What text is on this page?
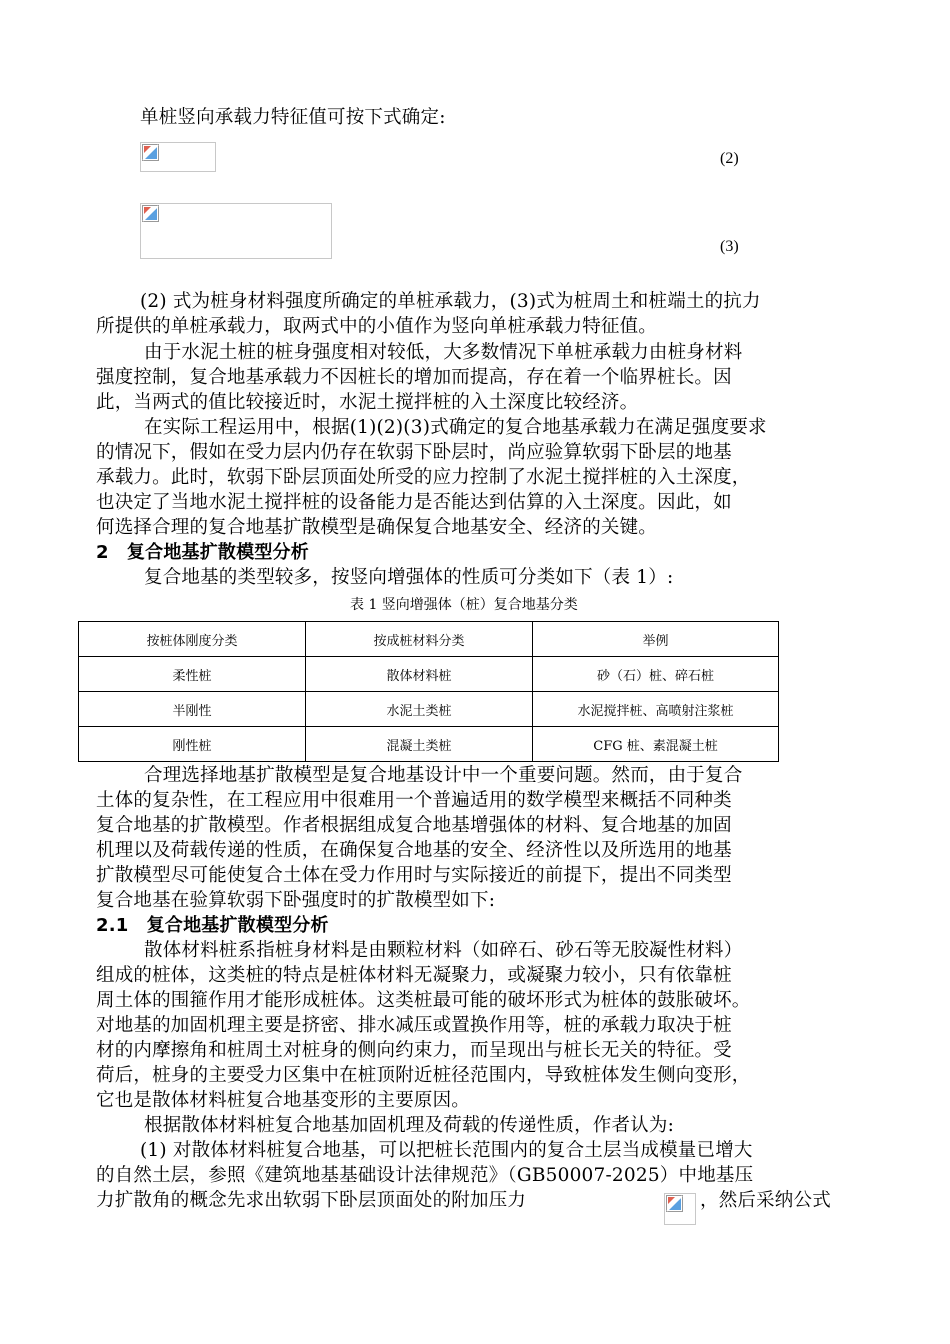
单桩竖向承载力特征值可按下式确定:
(2)
(3)
(2) 式为桩身材料强度所确定的单桩承载力，(3)式为桩周土和桩端土的抗力
所提供的单桩承载力，取两式中的小值作为竖向单桩承载力特征值。
由于水泥土桩的桩身强度相对较低，大多数情况下单桩承载力由桩身材料
强度控制，复合地基承载力不因桩长的增加而提高，存在着一个临界桩长。因
此，当两式的值比较接近时，水泥土搅拌桩的入土深度比较经济。
在实际工程运用中，根据(1)(2)(3)式确定的复合地基承载力在满足强度要求
的情况下，假如在受力层内仍存在软弱下卧层时，尚应验算软弱下卧层的地基
承载力。此时，软弱下卧层顶面处所受的应力控制了水泥土搅拌桩的入土深度，
也决定了当地水泥土搅拌桩的设备能力是否能达到估算的入土深度。因此，如
何选择合理的复合地基扩散模型是确保复合地基安全、经济的关键。
2　复合地基扩散模型分析
复合地基的类型较多，按竖向增强体的性质可分类如下（表 1）:
表 1 竖向增强体（桩）复合地基分类
按桩体刚度分类	按成桩材料分类	举例
柔性桩	散体材料桩	砂（石）桩、碎石桩
半刚性	水泥土类桩	水泥搅拌桩、高喷射注浆桩
刚性桩	混凝土类桩	CFG 桩、素混凝土桩
合理选择地基扩散模型是复合地基设计中一个重要问题。然而，由于复合
土体的复杂性，在工程应用中很难用一个普遍适用的数学模型来概括不同种类
复合地基的扩散模型。作者根据组成复合地基增强体的材料、复合地基的加固
机理以及荷载传递的性质，在确保复合地基的安全、经济性以及所选用的地基
扩散模型尽可能使复合土体在受力作用时与实际接近的前提下，提出不同类型
复合地基在验算软弱下卧强度时的扩散模型如下:
2.1　复合地基扩散模型分析
散体材料桩系指桩身材料是由颗粒材料（如碎石、砂石等无胶凝性材料）
组成的桩体，这类桩的特点是桩体材料无凝聚力，或凝聚力较小，只有依靠桩
周土体的围箍作用才能形成桩体。这类桩最可能的破坏形式为桩体的鼓胀破坏。
对地基的加固机理主要是挤密、排水减压或置换作用等，桩的承载力取决于桩
材的内摩擦角和桩周土对桩身的侧向约束力，而呈现出与桩长无关的特征。受
荷后，桩身的主要受力区集中在桩顶附近桩径范围内，导致桩体发生侧向变形，
它也是散体材料桩复合地基变形的主要原因。
根据散体材料桩复合地基加固机理及荷载的传递性质，作者认为:
(1) 对散体材料桩复合地基，可以把桩长范围内的复合土层当成模量已增大
的自然土层，参照《建筑地基基础设计法律规范》（GB50007-2025）中地基压
力扩散角的概念先求出软弱下卧层顶面处的附加压力	，然后采纳公式
